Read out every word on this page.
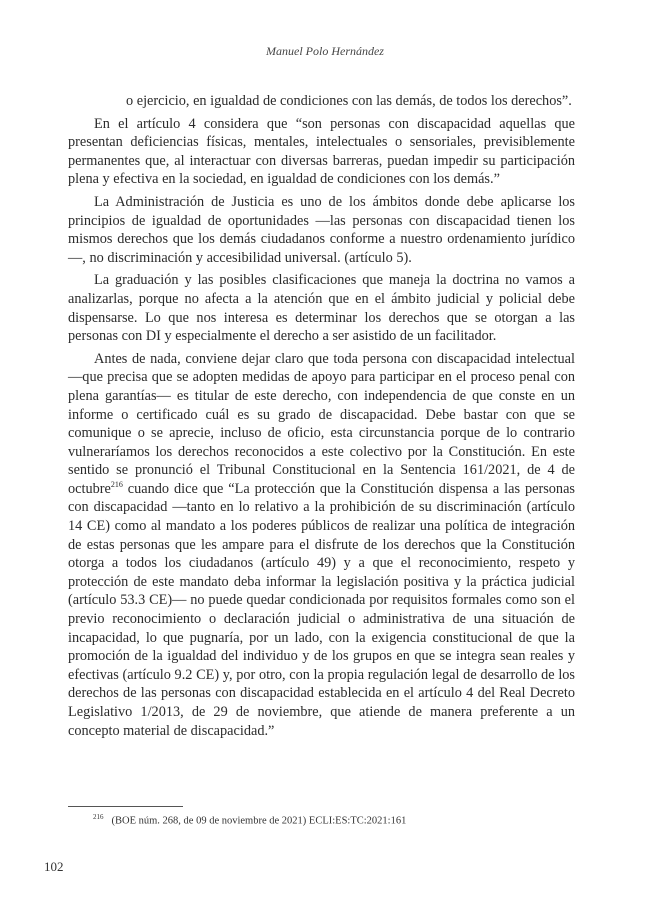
Manuel Polo Hernández

o ejercicio, en igualdad de condiciones con las demás, de todos los derechos”.

En el artículo 4 considera que “son personas con discapacidad aquellas que presentan deficiencias físicas, mentales, intelectuales o sensoriales, previsiblemente permanentes que, al interactuar con diversas barreras, puedan impedir su participación plena y efectiva en la sociedad, en igualdad de condiciones con los demás.”

La Administración de Justicia es uno de los ámbitos donde debe aplicarse los principios de igualdad de oportunidades —las personas con discapacidad tienen los mismos derechos que los demás ciudadanos conforme a nuestro ordenamiento jurídico—, no discriminación y accesibilidad universal. (artículo 5).

La graduación y las posibles clasificaciones que maneja la doctrina no vamos a analizarlas, porque no afecta a la atención que en el ámbito judicial y policial debe dispensarse. Lo que nos interesa es determinar los derechos que se otorgan a las personas con DI y especialmente el derecho a ser asistido de un facilitador.

Antes de nada, conviene dejar claro que toda persona con discapacidad intelectual —que precisa que se adopten medidas de apoyo para participar en el proceso penal con plena garantías— es titular de este derecho, con independencia de que conste en un informe o certificado cuál es su grado de discapacidad. Debe bastar con que se comunique o se aprecie, incluso de oficio, esta circunstancia porque de lo contrario vulneraríamos los derechos reconocidos a este colectivo por la Constitución. En este sentido se pronunció el Tribunal Constitucional en la Sentencia 161/2021, de 4 de octubre$^{216}$ cuando dice que “La protección que la Constitución dispensa a las personas con discapacidad —tanto en lo relativo a la prohibición de su discriminación (artículo 14 CE) como al mandato a los poderes públicos de realizar una política de integración de estas personas que les ampare para el disfrute de los derechos que la Constitución otorga a todos los ciudadanos (artículo 49) y a que el reconocimiento, respeto y protección de este mandato deba informar la legislación positiva y la práctica judicial (artículo 53.3 CE)— no puede quedar condicionada por requisitos formales como son el previo reconocimiento o declaración judicial o administrativa de una situación de incapacidad, lo que pugnaría, por un lado, con la exigencia constitucional de que la promoción de la igualdad del individuo y de los grupos en que se integra sean reales y efectivas (artículo 9.2 CE) y, por otro, con la propia regulación legal de desarrollo de los derechos de las personas con discapacidad establecida en el artículo 4 del Real Decreto Legislativo 1/2013, de 29 de noviembre, que atiende de manera preferente a un concepto material de discapacidad.”

$^{216}$ (BOE núm. 268, de 09 de noviembre de 2021) ECLI:ES:TC:2021:161
102
